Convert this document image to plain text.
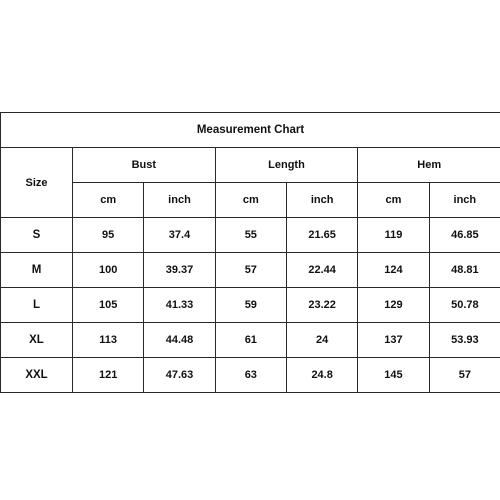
Measurement Chart						
Size	Bust		Length		Hem	
	cm	inch	cm	inch	cm	inch
S	95	37.4	55	21.65	119	46.85
M	100	39.37	57	22.44	124	48.81
L	105	41.33	59	23.22	129	50.78
XL	113	44.48	61	24	137	53.93
XXL	121	47.63	63	24.8	145	57
